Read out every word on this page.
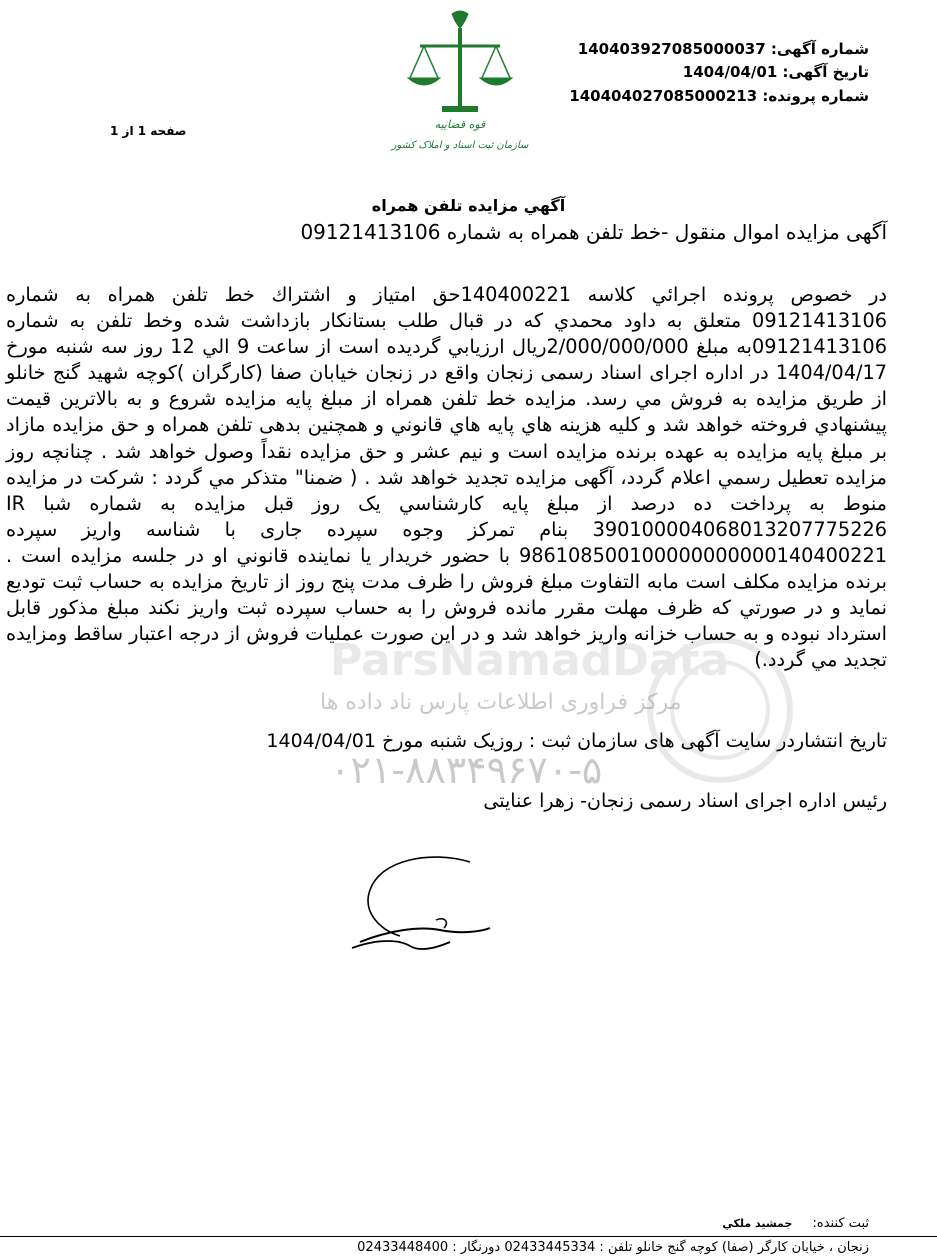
ParsNamadData
مرکز فراوری اطلاعات پارس ناد داده ها
۰۲۱-۸۸۳۴۹۶۷۰-۵
شماره آگهی: 140403927085000037
تاریخ آگهی: 1404/04/01
شماره پرونده: 140404027085000213
قوه قضاییه
سازمان ثبت اسناد و املاک کشور
صفحه 1 از 1
آگهي مزايده تلفن همراه
آگهی مزایده اموال منقول -خط تلفن همراه به شماره 09121413106
در خصوص پرونده اجرائي كلاسه 140400221حق امتياز و اشتراك خط تلفن همراه به شماره 09121413106 متعلق به داود محمدي كه در قبال طلب بستانكار بازداشت شده وخط تلفن به شماره 09121413106به مبلغ 2/000/000/000ريال ارزيابي گرديده است از ساعت 9 الي 12 روز سه شنبه مورخ 1404/04/17 در اداره اجرای اسناد رسمی زنجان واقع در زنجان خيابان صفا (كارگران )كوچه شهيد گنج خانلو از طريق مزايده به فروش مي رسد. مزايده خط تلفن همراه از مبلغ پايه مزايده شروع و به بالاترين قيمت پيشنهادي فروخته خواهد شد و كليه هزينه هاي پايه هاي قانوني و همچنين بدهی تلفن همراه و حق مزايده مازاد بر مبلغ پايه مزايده به عهده برنده مزايده است و نيم عشر و حق مزايده نقداً وصول خواهد شد . چنانچه روز مزايده تعطيل رسمي اعلام گردد، آگهی مزايده تجديد خواهد شد . ( ضمنا" متذكر مي گردد : شركت در مزايده منوط به پرداخت ده درصد از مبلغ پايه كارشناسي يک روز قبل مزايده به شماره شبا IR 390100004068013207775226 بنام تمركز وجوه سپرده جاری با شناسه واريز سپرده 986108500100000000000140400221 با حضور خريدار يا نماينده قانوني او در جلسه مزايده است . برنده مزايده مكلف است مابه التفاوت مبلغ فروش را ظرف مدت پنج روز از تاريخ مزايده به حساب ثبت توديع نمايد و در صورتي كه ظرف مهلت مقرر مانده فروش را به حساب سپرده ثبت واريز نكند مبلغ مذكور قابل استرداد نبوده و به حساب خزانه واريز خواهد شد و در اين صورت عمليات فروش از درجه اعتبار ساقط ومزايده تجديد مي گردد.)
تاریخ انتشاردر سایت آگهی های سازمان ثبت : روزیک شنبه مورخ 1404/04/01
رئیس اداره اجرای اسناد رسمی زنجان- زهرا عنایتی
ثبت كننده: جمشيد ملكي
زنجان ، خيابان كارگر (صفا) كوچه گنج خانلو تلفن : 02433445334 دورنگار : 02433448400
